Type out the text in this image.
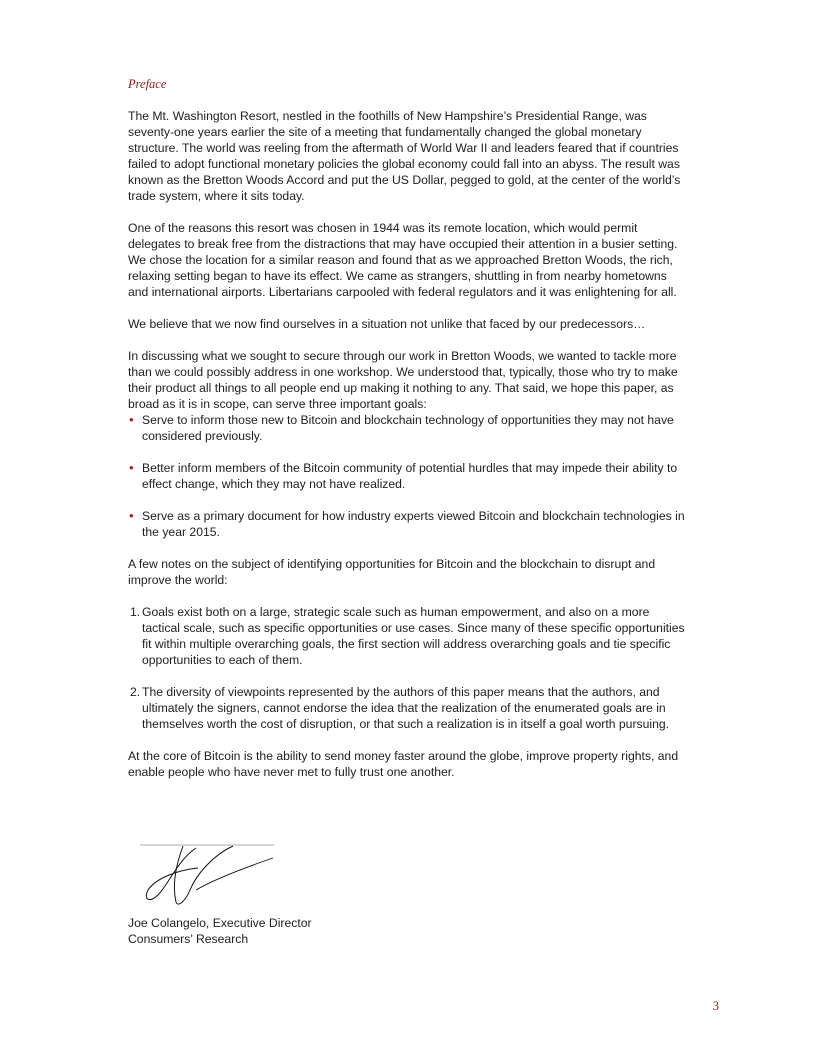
Preface

The Mt. Washington Resort, nestled in the foothills of New Hampshire’s Presidential Range, was seventy-one years earlier the site of a meeting that fundamentally changed the global monetary structure. The world was reeling from the aftermath of World War II and leaders feared that if countries failed to adopt functional monetary policies the global economy could fall into an abyss. The result was known as the Bretton Woods Accord and put the US Dollar, pegged to gold, at the center of the world’s trade system, where it sits today.

One of the reasons this resort was chosen in 1944 was its remote location, which would permit delegates to break free from the distractions that may have occupied their attention in a busier setting. We chose the location for a similar reason and found that as we approached Bretton Woods, the rich, relaxing setting began to have its effect. We came as strangers, shuttling in from nearby hometowns and international airports. Libertarians carpooled with federal regulators and it was enlightening for all.

We believe that we now find ourselves in a situation not unlike that faced by our predecessors…

In discussing what we sought to secure through our work in Bretton Woods, we wanted to tackle more than we could possibly address in one workshop. We understood that, typically, those who try to make their product all things to all people end up making it nothing to any. That said, we hope this paper, as broad as it is in scope, can serve three important goals:

• Serve to inform those new to Bitcoin and blockchain technology of opportunities they may not have considered previously.
• Better inform members of the Bitcoin community of potential hurdles that may impede their ability to effect change, which they may not have realized.
• Serve as a primary document for how industry experts viewed Bitcoin and blockchain technologies in the year 2015.

A few notes on the subject of identifying opportunities for Bitcoin and the blockchain to disrupt and improve the world:

1. Goals exist both on a large, strategic scale such as human empowerment, and also on a more tactical scale, such as specific opportunities or use cases. Since many of these specific opportunities fit within multiple overarching goals, the first section will address overarching goals and tie specific opportunities to each of them.
2. The diversity of viewpoints represented by the authors of this paper means that the authors, and ultimately the signers, cannot endorse the idea that the realization of the enumerated goals are in themselves worth the cost of disruption, or that such a realization is in itself a goal worth pursuing.

At the core of Bitcoin is the ability to send money faster around the globe, improve property rights, and enable people who have never met to fully trust one another.

Joe Colangelo, Executive Director
Consumers’ Research
3
